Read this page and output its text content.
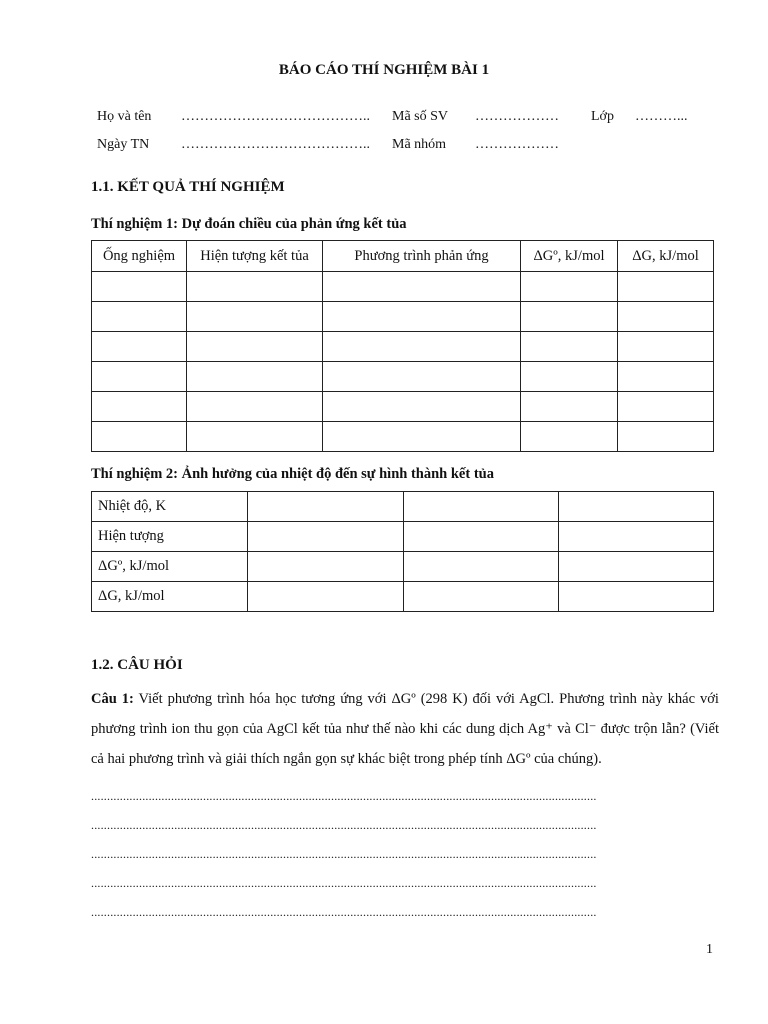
BÁO CÁO THÍ NGHIỆM BÀI 1
Họ và tên ………………………………….. Mã số SV ……………… Lớp ………...
Ngày TN ………………………………….. Mã nhóm ………………
1.1. KẾT QUẢ THÍ NGHIỆM
Thí nghiệm 1: Dự đoán chiều của phản ứng kết tủa
Ống nghiệm	Hiện tượng kết tủa	Phương trình phản ứng	ΔGº, kJ/mol	ΔG, kJ/mol

Thí nghiệm 2: Ảnh hưởng của nhiệt độ đến sự hình thành kết tủa
Nhiệt độ, K			
Hiện tượng			
ΔGº, kJ/mol			
ΔG, kJ/mol			
1.2. CÂU HỎI
Câu 1: Viết phương trình hóa học tương ứng với ΔGº (298 K) đối với AgCl. Phương trình này khác với phương trình ion thu gọn của AgCl kết tủa như thế nào khi các dung dịch Ag⁺ và Cl⁻ được trộn lẫn? (Viết cả hai phương trình và giải thích ngắn gọn sự khác biệt trong phép tính ΔGº của chúng).
..............................................................................................................................................................
..............................................................................................................................................................
..............................................................................................................................................................
..............................................................................................................................................................
..............................................................................................................................................................
1
